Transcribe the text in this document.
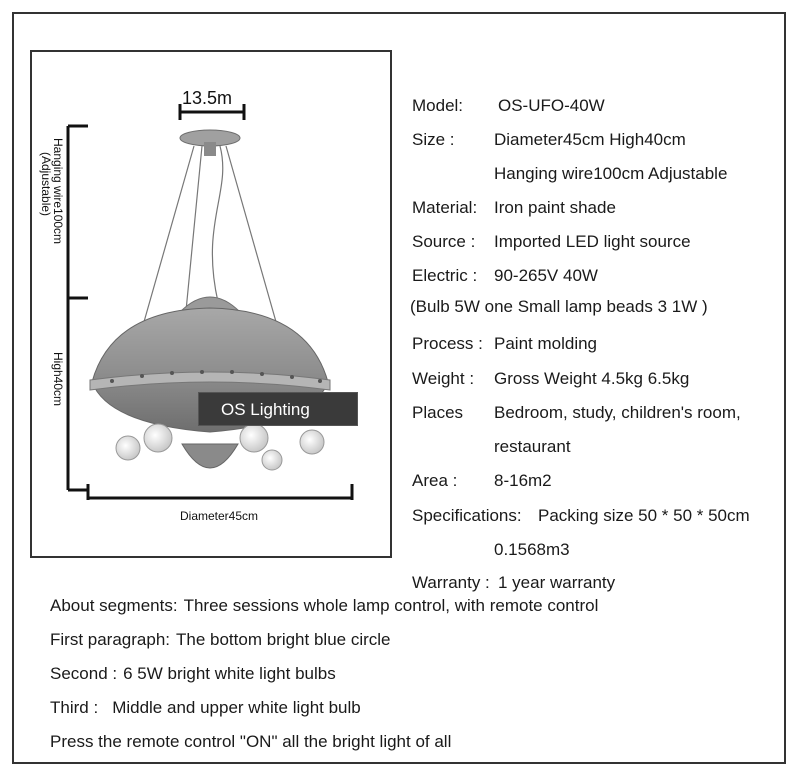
13.5m
Hanging wire100cm
(Adjustable)
High40cm
Diameter45cm
OS Lighting
Model: OS-UFO-40W
Size : Diameter45cm High40cm
Hanging wire100cm Adjustable
Material: Iron paint shade
Source : Imported LED light source
Electric : 90-265V 40W
(Bulb 5W one Small lamp beads 3 1W )
Process : Paint molding
Weight : Gross Weight 4.5kg 6.5kg
Places Bedroom, study, children's room,
restaurant
Area : 8-16m2
Specifications: Packing size 50 * 50 * 50cm
0.1568m3
Warranty : 1 year warranty
About segments: Three sessions whole lamp control, with remote control
First paragraph: The bottom bright blue circle
Second : 6 5W bright white light bulbs
Third : Middle and upper white light bulb
Press the remote control "ON" all the bright light of all
